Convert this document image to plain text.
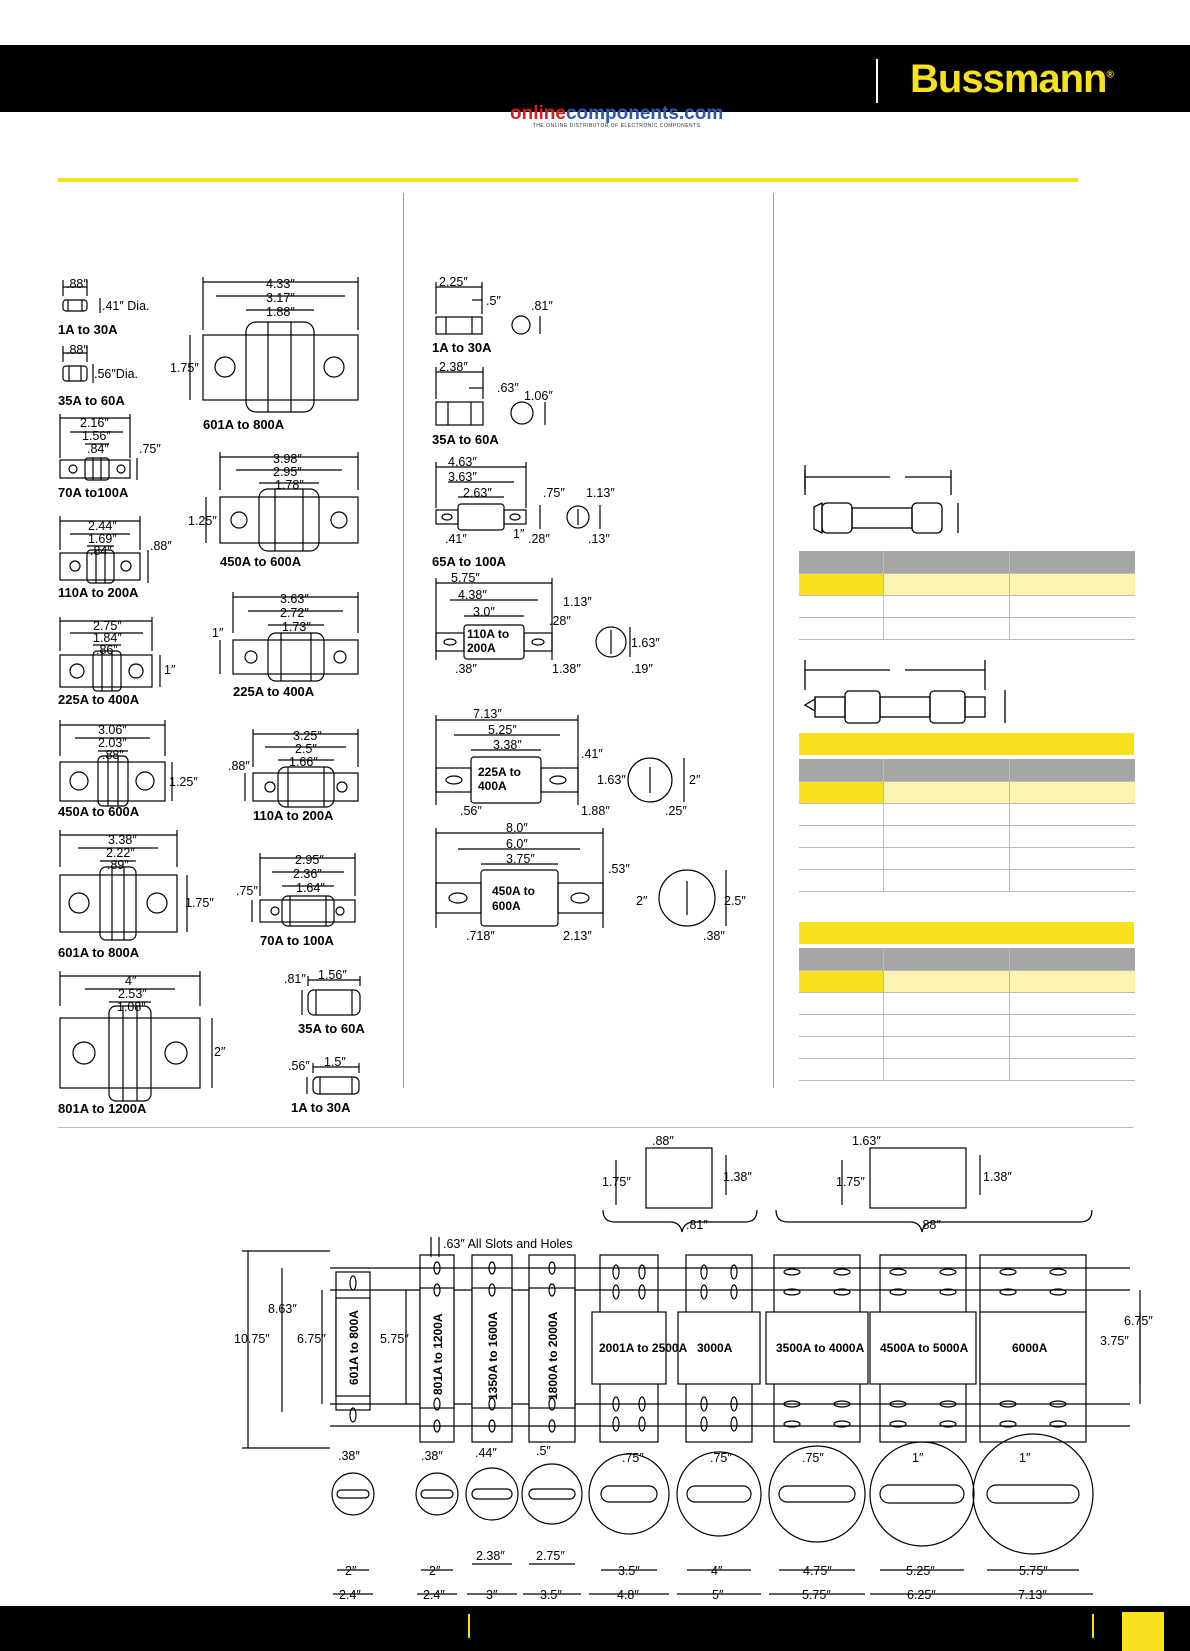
Bussmann®
onlinecomponents.com
THE ONLINE DISTRIBUTOR OF ELECTRONIC COMPONENTS

.88″
.41″ Dia.
.88″
.56″Dia.
2.16″
1.56″
.84″ .75″
2.44″
1.69″
.84″	.88″
2.75″
1.84″
.86″
1″
3.06″
2.03″
.88″
1.25″
3.38″
2.22″
.89″
1.75″
4″
2.53″
1.08″
2″
1A to 30A
35A to 60A
70A to100A
110A to 200A
225A to 400A
450A to 600A
601A to 800A
801A to 1200A
4.33″
3.17″
1.88″
1.75″
3.98″
2.95″
1.78″
1.25″
3.63″
2.72″
1.73″
1″
3.25″
2.5″
1.66″
.88″
2.95″
2.36″
1.64″
.75″
1.56″
.81″
1.5″
.56″
601A to 800A
450A to 600A
225A to 400A
110A to 200A
70A to 100A
35A to 60A
1A to 30A
2.25″
.5″ .81″
2.38″
.63″
1.06″
4.63″
3.63″
2.63″	.75″ 1.13″
.41″	1″ .28″	.13″
5.75″
4.38″
3.0″
1.13″
.28″
1.63″
.38″	1.38″	.19″
7.13″
5.25″
3.38″
.41″
1.63″	2″
.56″	1.88″	.25″
8.0″
6.0″
3.75″
.53″
2″	2.5″
.718″	2.13″	.38″
1A to 30A
35A to 60A
65A to 100A
110A to
200A
225A to
400A
450A to
600A
.88″
1.75″	1.38″
.81″
1.63″
1.75″	1.38″
.88″
.63″ All Slots and Holes
10.75″
8.63″
6.75″	5.75″
6.75″
3.75″
.38″	.38″	.44″	.5″	.75″	.75″	.75″	1″	1″
2″	2″
2.38″ 2.75″
3.5″	4″	4.75″	5.25″	5.75″
2.4″	2.4″	3″	3.5″	4.8″	5″	5.75″	6.25″	7.13″
601A to 800A	801A to 1200A	1350A to 1600A	1800A to 2000A	2001A to 2500A 3000A	3500A to 4000A 4500A to 5000A	6000A
